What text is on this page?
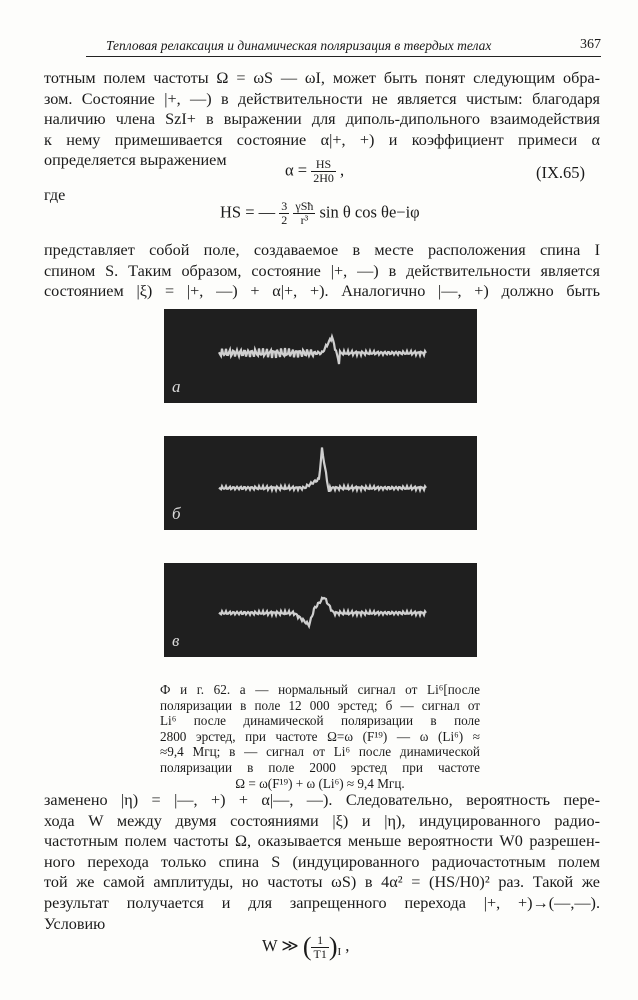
Тепловая релаксация и динамическая поляризация в твердых телах	367
тотным полем частоты Ω = ωS — ωI, может быть понят следующим обра-
зом. Состояние |+, —) в действительности не является чистым: благодаря
наличию члена SzI+ в выражении для диполь-дипольного взаимодействия
к нему примешивается состояние α|+, +) и коэффициент примеси α
определяется выражением	$\alpha = \frac{HS}{2H0}$ ,	(IX.65)
где
HS = — $\frac{3}{2}$
$\frac{\text{γSħ}}{\text{r³}}$ sin θ cos θe−iφ
представляет собой поле, создаваемое в месте расположения спина I
спином S. Таким образом, состояние |+, —) в действительности является
состоянием |ξ) = |+, —) + α|+, +). Аналогично |—, +) должно быть
а
б
в
Ф и г. 62. а — нормальный сигнал от Li⁶[после
поляризации в поле 12 000 эрстед; б — сигнал от
Li⁶ после динамической поляризации в поле
2800 эрстед, при частоте Ω=ω (F¹⁹) — ω (Li⁶) ≈
≈9,4 Мгц; в — сигнал от Li⁶ после динамической
поляризации в поле 2000 эрстед при частоте
Ω = ω(F¹⁹) + ω (Li⁶) ≈ 9,4 Мгц.
заменено |η) = |—, +) + α|—, —). Следовательно, вероятность пере-
хода W между двумя состояниями |ξ) и |η), индуцированного радио-
частотным полем частоты Ω, оказывается меньше вероятности W0 разрешен-
ного перехода только спина S (индуцированного радиочастотным полем
той же самой амплитуды, но частоты ωS) в 4α² = (HS/H0)² раз. Такой же
результат получается и для запрещенного перехода |+, +)→(—,—).
Условию
W ≫ ( $\frac{1}{T1} )_I$ ,
